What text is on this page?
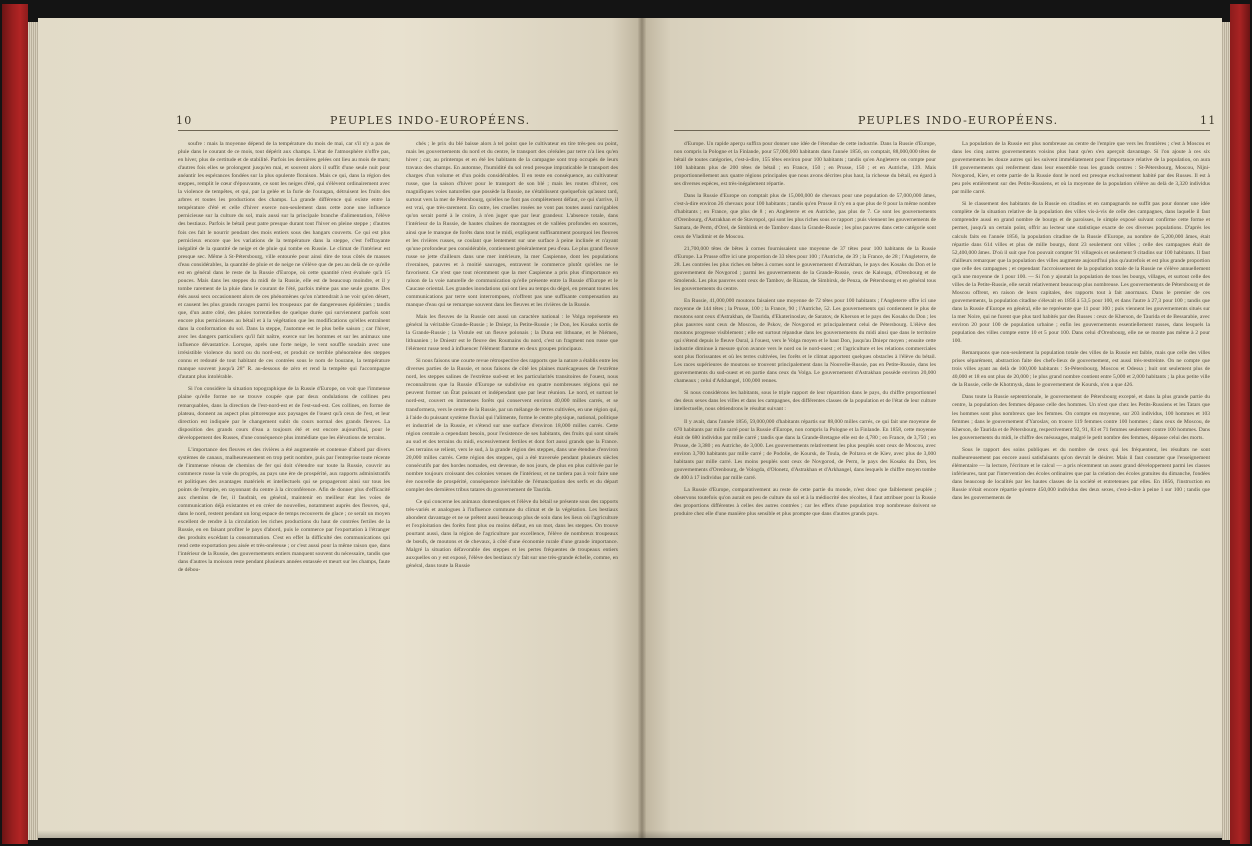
10	PEUPLES INDO-EUROPÉENS.

soufre : mais la moyenne dépend de la température du mois de mai, car s'il n'y a pas de pluie dans le courant de ce mois, tout dépérit aux champs. L'état de l'atmosphère n'offre pas, en hiver, plus de certitude et de stabilité. Parfois les dernières gelées ont lieu au mois de mars; d'autres fois elles se prolongent jusqu'en mai, et souvent alors il suffit d'une seule nuit pour anéantir les espérances fondées sur la plus opulente floraison. Mais ce qui, dans la région des steppes, remplit le cœur d'épouvante, ce sont les neiges d'été, qui s'élèvent ordinairement avec la violence de tempêtes, et qui, par la gelée et la furie de l'ouragan, détruisent les fruits des arbres et toutes les productions des champs. La grande différence qui existe entre la température d'été et celle d'hiver exerce non-seulement dans cette zone une influence pernicieuse sur la culture du sol, mais aussi sur la principale branche d'alimentation, l'élève des bestiaux. Parfois le bétail peut patre presque durant tout l'hiver en pleine steppe ; d'autres fois ces fait le nourrir pendant des mois entiers sous des hangars couverts. Ce qui est plus pernicieux encore que les variations de la température dans la steppe, c'est l'effrayante inégalité de la quantité de neige et de pluie qui tombe en Russie. Le climat de l'intérieur est presque sec. Même à St-Pétersbourg, ville entourée pour ainsi dire de tous côtés de masses d'eau considérables, la quantité de pluie et de neige ne s'élève que de peu au delà de ce qu'elle est en général dans le reste de la Russie d'Europe, où cette quantité n'est évaluée qu'à 15 pouces. Mais dans les steppes du midi de la Russie, elle est de beaucoup moindre, et il y tombe rarement de la pluie dans le courant de l'été, parfois même pas une seule goutte. Des étés aussi secs occasionnent alors de ces phénomènes qu'on n'attendrait à ne voir qu'en désert, et causent les plus grands ravages parmi les troupeaux par de dangereuses épidémies ; tandis que, d'un autre côté, des pluies torrentielles de quelque durée qui surviennent parfois sont encore plus pernicieuses au bétail et à la végétation que les modifications qu'elles entraînent dans la conformation du sol. Dans la steppe, l'automne est le plus belle saison ; car l'hiver, avec les dangers particuliers qu'il fait naître, exerce sur les hommes et sur les animaux une influence dévastatrice. Lorsque, après une forte neige, le vent souffle soudain avec une irrésistible violence du nord ou du nord-est, et produit ce terrible phénomène des steppes connu et redouté de tout habitant de ces contrées sous le nom de bourane, la température manque souvent jusqu'à 28° R. au-dessous de zéro et rend la tempête qui l'accompagne d'autant plus intolérable.

Si l'on considère la situation topographique de la Russie d'Europe, on voit que l'immense plaine qu'elle forme ne se trouve coupée que par deux ondulations de collines peu remarquables, dans la direction de l'est-nord-est et de l'est-sud-est. Ces collines, en forme de plateau, donnent au aspect plus pittoresque aux paysages de l'ouest qu'à ceux de l'est, et leur direction est indiquée par le changement subit du cours normal des grands fleuves. La disposition des grands cours d'eau a toujours été et est encore aujourd'hui, pour le développement des Russes, d'une conséquence plus immédiate que les élévations de terrains.

L'importance des fleuves et des rivières a été augmentée et contenue d'abord par divers systèmes de canaux, malheureusement en trop petit nombre, puis par l'entreprise toute récente de l'immense réseau de chemins de fer qui doit s'étendre sur toute la Russie, couvrir au commerce russe la voie du progrès, au pays une ère de prospérité, aux rapports administratifs et politiques des avantages matériels et intellectuels qui se propageront ainsi sur tous les points de l'empire, en rayonnant du centre à la circonférence. Afin de donner plus d'efficacité aux chemins de fer, il faudrait, en général, maintenir en meilleur état les voies de communication déjà existantes et en créer de nouvelles, notamment auprès des fleuves, qui, dans le nord, restent pendant un long espace de temps recouverts de glace ; ce serait un moyen excellent de rendre à la circulation les riches productions du haut de contrées fertiles de la Russie, en en faisant profiter le pays d'abord, puis le commerce par l'exportation à l'étranger des produits excédant la consommation. C'est en effet la difficulté des communications qui rend cette exportation peu aisée et très-onéreuse ; or c'est aussi pour la même raison que, dans l'intérieur de la Russie, des gouvernements entiers manquent souvent du nécessaire, tandis que dans d'autres la moisson reste pendant plusieurs années entassée et meurt sur les champs, faute de débou-

chés ; le prix du blé baisse alors à tel point que le cultivateur en tire très-peu ou point, mais les gouvernements du nord et du centre, le transport des céréales par terre n'a lieu qu'en hiver ; car, au printemps et en été les habitants de la campagne sont trop occupés de leurs travaux des champs. En automne, l'humidité du sol rend presque impraticable le transport des charges d'un volume et d'un poids considérables. Il en reste en conséquence, au cultivateur russe, que la saison d'hiver pour le transport de son blé ; mais les routes d'hiver, ces magnifiques voies naturelles que possède la Russie, ne s'établissent quelquefois qu'assez tard, surtout vers la mer de Pétersbourg, qu'elles ne font pas complètement défaut, ce qui s'arrive, il est vrai, que très-rarement. En outre, les cruelles rosées ne vont pas toutes aussi navigables qu'on serait porté à le croire, à n'en juger que par leur grandeur. L'absence totale, dans l'intérieur de la Russie, de hautes chaînes de montagnes et de vallées profondes en sources, ainsi que le manque de forêts dans tout le midi, expliquent suffisamment pourquoi les fleuves et les rivières russes, se coulant que lentement sur une surface à peine inclinée et n'ayant qu'une profondeur peu considérable, contiennent généralement peu d'eau. Le plus grand fleuve russe se jette d'ailleurs dans une mer intérieure, la mer Caspienne, dont les populations riveraines, pauvres et à moitié sauvages, entravent le commerce plutôt qu'elles ne le favorisent. Ce n'est que tout récemment que la mer Caspienne a pris plus d'importance en raison de la voie naturelle de communication qu'elle présente entre la Russie d'Europe et le Caucase oriental. Les grandes inondations qui ont lieu au temps du dégel, en prenant toutes les communications par terre sont interrompues, n'offrent pas une suffisante compensation au manque d'eau qui se remarque souvent dans les fleuves et les rivières de la Russie.

Mais les fleuves de la Russie ont aussi un caractère national : le Volga représente en général la véritable Grande-Russie ; le Dniepr, la Petite-Russie ; le Don, les Kosaks sortis de la Grande-Russie ; la Vistule est un fleuve polonais ; la Duna est lithuane, et le Niémen, lithuanien ; le Dniestr est le fleuve des Roumains du nord, c'est un fragment non russe que l'élément russe tend à influencer l'élément flamme en deux groupes principaux.

Si nous faisons une courte revue rétrospective des rapports que la nature a établis entre les diverses parties de la Russie, et nous faisons de côté les plaines marécageuses de l'extrême nord, les steppes salines de l'extrême sud-est et les particularités transitoires de l'ouest, nous reconnaîtrons que la Russie d'Europe se subdivise en quatre nombreuses régions qui ne peuvent former un État puissant et indépendant que par leur réunion. Le nord, et surtout le nord-est, couvert en immenses forêts qui conservent environ 40,000 milles carrés, et se transformera, vers le centre de la Russie, par un mélange de terres cultivées, en une région qui, à l'aide du puissant système fluvial qui l'alimente, forme le centre physique, national, politique et industriel de la Russie, et s'étend sur une surface d'environ 18,000 milles carrés. Cette région centrale a cependant besoin, pour l'existence de ses habitants, des fruits qui sont situés au sud et des terrains du midi, excessivement fertiles et dont fort aussi grands que la France. Ces terrains se relient, vers le sud, à la grande région des steppes, dans une étendue d'environ 20,000 milles carrés. Cette région des steppes, qui a été traversée pendant plusieurs siècles consécutifs par des hordes nomades, est devenue, de nos jours, de plus en plus cultivée par le nombre toujours croissant des colonies venues de l'intérieur, et ne tardera pas à voir faire une ère nouvelle de prospérité, conséquence inévitable de l'émancipation des serfs et du départ complet des dernières tribus tatares du gouvernement de Taurida.

Ce qui concerne les animaux domestiques et l'élève du bétail se présente sous des rapports très-variés et analogues à l'influence commune du climat et de la végétation. Les bestiaux abondent davantage et ne se prêtent aussi beaucoup plus de soin dans les lieux où l'agriculture et l'exploitation des forêts font plus ou moins défaut, en un mot, dans les steppes. On trouve pourtant aussi, dans la région de l'agriculture par excellence, l'élève de nombreux troupeaux de bœufs, de moutons et de chevaux, à côté d'une économie rurale d'une grande importance. Malgré la situation défavorable des steppes et les pertes fréquentes de troupeaux entiers auxquelles on y est exposé, l'élève des bestiaux n'y fait sur une très-grande échelle, comme, en général, dans toute la Russie

PEUPLES INDO-EUROPÉENS.	11

d'Europe. Un rapide aperçu suffira pour donner une idée de l'étendue de cette industrie. Dans la Russie d'Europe, non compris la Pologne et la Finlande, pour 57,000,000 habitants dans l'année 1856, on comptait, 88,000,000 têtes de bétail de toutes catégories, c'est-à-dire, 155 têtes environ pour 100 habitants ; tandis qu'en Angleterre on compte pour 100 habitants plus de 200 têtes de bétail ; en France, 150 ; en Prusse, 150 ; et en Autriche, 139. Mais proportionnellement aux quatre régions principales que nous avons décrites plus haut, la richesse du bétail, eu égard à ses diverses espèces, est très-inégalement répartie.

Dans la Russie d'Europe on comptait plus de 15,000,000 de chevaux pour une population de 57,000,000 âmes, c'est-à-dire environ 26 chevaux pour 100 habitants ; tandis qu'en Prusse il n'y en a que plus de 8 pour la même nombre d'habitants ; en France, que plus de 8 ; en Angleterre et en Autriche, pas plus de 7. Ce sont les gouvernements d'Orenbourg, d'Astrakhan et de Stavropol, qui sont les plus riches sous ce rapport ; puis viennent les gouvernements de Samara, de Perm, d'Orel, de Simbirsk et de Tambov dans la Grande-Russie ; les plus pauvres dans cette catégorie sont ceux de Vladimir et de Moscou.

21,700,000 têtes de bêtes à cornes fournissaient une moyenne de 37 têtes pour 100 habitants de la Russie d'Europe. La Prusse offre ici une proportion de 33 têtes pour 100 ; l'Autriche, de 39 ; la France, de 28 ; l'Angleterre, de 28. Les contrées les plus riches en bêtes à cornes sont le gouvernement d'Astrakhan, le pays des Kosaks du Don et le gouvernement de Novgorod ; parmi les gouvernements de la Grande-Russie, ceux de Kalouga, d'Orenbourg et de Smolensk. Les plus pauvres sont ceux de Tambov, de Riazan, de Simbirsk, de Penza, de Pétersbourg et en général tous les gouvernements du centre.

En Russie, 41,000,000 moutons faisaient une moyenne de 72 têtes pour 100 habitants ; l'Angleterre offre ici une moyenne de 144 têtes ; la Prusse, 100 ; la France, 90 ; l'Autriche, 52. Les gouvernements qui contiennent le plus de moutons sont ceux d'Astrakhan, de Taurida, d'Ekaterinoslav, de Saratov, de Kherson et le pays des Kosaks du Don ; les plus pauvres sont ceux de Moscou, de Pskov, de Novgorod et principalement celui de Pétersbourg. L'élève des moutons progresse visiblement ; elle est surtout répandue dans les gouvernements du midi ainsi que dans le territoire qui s'étend depuis le fleuve Oural, à l'ouest, vers le Volga moyen et le haut Don, jusqu'au Dniepr moyen ; ensuite cette industrie diminue à mesure qu'on avance vers le nord ou le nord-ouest ; et l'agriculture et les relations commerciales sont plus florissantes et où les terres cultivées, les forêts et le climat apportent quelques obstacles à l'élève du bétail. Les races supérieures de moutons se trouvent principalement dans la Nouvelle-Russie, pas en Petite-Russie, dans les gouvernements du sud-ouest et en partie dans ceux du Volga. Le gouvernement d'Astrakhan possède environ 20,000 chameaux ; celui d'Arkhangel, 100,000 rennes.

Si nous considérons les habitants, sous le triple rapport de leur répartition dans le pays, du chiffre proportionnel des deux sexes dans les villes et dans les campagnes, des différentes classes de la population et de l'état de leur culture intellectuelle, nous obtiendrons le résultat suivant :

Il y avait, dans l'année 1856, 59,000,000 d'habitants répartis sur 88,000 milles carrés, ce qui fait une moyenne de 670 habitants par mille carré pour la Russie d'Europe, non compris la Pologne et la Finlande. En 1858, cette moyenne était de 680 individus par mille carré ; tandis que dans la Grande-Bretagne elle est de 4,780 ; en France, de 3,750 ; en Prusse, de 3,380 ; en Autriche, de 3,000. Les gouvernements relativement les plus peuplés sont ceux de Moscou, avec environ 3,700 habitants par mille carré ; de Podolie, de Koursk, de Toula, de Poltava et de Kiev, avec plus de 3,000 habitants par mille carré. Les moins peuplés sont ceux de Novgorod, de Perm, le pays des Kosaks du Don, les gouvernements d'Orenbourg, de Vologda, d'Olonetz, d'Astrakhan et d'Arkhangel, dans lesquels le chiffre moyen tombe de 400 à 17 individus par mille carré.

La Russie d'Europe, comparativement au reste de cette partie du monde, n'est donc que faiblement peuplée ; observons toutefois qu'on aurait en peu de culture du sol et à la médiocrité des récoltes, il faut attribuer pour la Russie des proportions différentes à celles des autres contrées ; car les effets d'une population trop nombreuse doivent se produire chez elle d'une manière plus sensible et plus prompte que dans d'autres grands pays.

La population de la Russie est plus nombreuse au centre de l'empire que vers les frontières ; c'est à Moscou et dans les cinq autres gouvernements voisins plus haut qu'en s'en aperçoit davantage. Si l'on ajoute à ces six gouvernements les douze autres qui les suivent immédiatement pour l'importance relative de la population, on aura 18 gouvernements qui renferment dans leur ensemble tous les grands centres : St-Pétersbourg, Moscou, Nijni-Novgorod, Kiev, et cette partie de la Russie dont le nord est presque exclusivement habité par des Russes. Il est à peu près entièrement sur des Petits-Russiens, et où la moyenne de la population s'élève au delà de 3,320 individus par mille carré.

Si le classement des habitants de la Russie en citadins et en campagnards ne suffit pas pour donner une idée complète de la situation relative de la population des villes vis-à-vis de celle des campagnes, dans laquelle il faut comprendre aussi en grand nombre de bourgs et de paroisses, le simple exposé suivant confirme cette forme et permet, jusqu'à un certain point, offrir au lecteur une statistique exacte de ces diverses populations. D'après les calculs faits en l'année 1856, la population citadine de la Russie d'Europe, au nombre de 5,200,000 âmes, était répartie dans 614 villes et plus de mille bourgs, dont 23 seulement ont villes ; celle des campagnes était de 52,400,000 âmes. D'où il suit que l'on pouvait compter 91 villageois et seulement 9 citadins sur 100 habitants. Il faut d'ailleurs remarquer que la population des villes augmente aujourd'hui plus qu'autrefois et est plus grande proportion que celle des campagnes ; et cependant l'accroissement de la population totale de la Russie ne s'élève annuellement qu'à une moyenne de 1 pour 100. — Si l'on y ajoutait la population de tous les bourgs, villages, et surtout celle des villes de la Petite-Russie, elle serait relativement beaucoup plus nombreuse. Les gouvernements de Pétersbourg et de Moscou offrent, en raison de leurs capitales, des rapports tout à fait anormaux. Dans le premier de ces gouvernements, la population citadine s'élevait en 1856 à 53,5 pour 100, et dans l'autre à 27,3 pour 100 ; tandis que dans la Russie d'Europe en général, elle ne représente que 11 pour 100 ; puis viennent les gouvernements situés sur la mer Noire, qui ne furent que plus tard habités par des Russes : ceux de Kherson, de Taurida et de Bessarabie, avec environ 20 pour 100 de population urbaine ; enfin les gouvernements essentiellement russes, dans lesquels la population des villes compte entre 10 et 5 pour 100. Dans celui d'Orenbourg, elle ne se monte pas même à 2 pour 100.

Remarquons que non-seulement la population totale des villes de la Russie est faible, mais que celle des villes prises séparément, abstraction faite des chefs-lieux de gouvernement, est aussi très-restreinte. On ne compte que trois villes ayant au delà de 100,000 habitants : St-Pétersbourg, Moscou et Odessa ; huit ont seulement plus de 40,000 et 18 en ont plus de 20,000 ; le plus grand nombre contient entre 5,000 et 2,000 habitants ; la plus petite ville de la Russie, celle de Khotmysk, dans le gouvernement de Koursk, n'en a que 426.

Dans toute la Russie septentrionale, le gouvernement de Pétersbourg excepté, et dans la plus grande partie du centre, la population des femmes dépasse celle des hommes. Un n'est que chez les Petits-Russiens et les Tatars que les hommes sont plus nombreux que les femmes. On compte en moyenne, sur 203 individus, 100 hommes et 103 femmes ; dans le gouvernement d'Yaroslav, on trouve 119 femmes contre 100 hommes ; dans ceux de Moscou, de Kherson, de Taurida et de Pétersbourg, respectivement 92, 91, 83 et 71 femmes seulement contre 100 hommes. Dans les gouvernements du midi, le chiffre des mésusages, malgré le petit nombre des femmes, dépasse celui des morts.

Sous le rapport des soins publiques et du nombre de ceux qui les fréquentent, les résultats ne sont malheureusement pas encore aussi satisfaisants qu'on devrait le désirer. Mais il faut constater que l'enseignement élémentaire — la lecture, l'écriture et le calcul — a pris récemment un assez grand développement parmi les classes inférieures, tant par l'intervention des écoles ordinaires que par la création des écoles gratuites du dimanche, fondées dans beaucoup de localités par les hautes classes de la société et entretenues par elles. En 1856, l'instruction en Russie n'était encore répartie qu'entre 450,000 individus des deux sexes, c'est-à-dire à peine 1 sur 100 ; tandis que dans les gouvernements de
